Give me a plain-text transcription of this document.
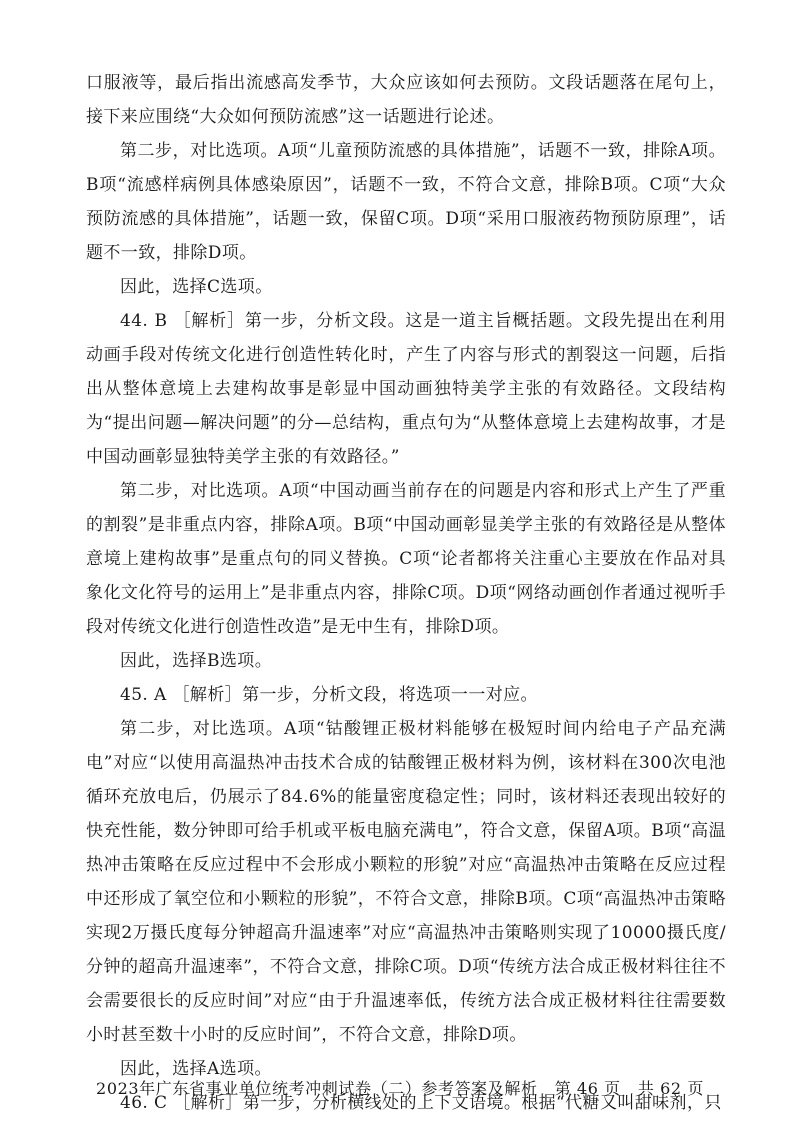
口服液等，最后指出流感高发季节，大众应该如何去预防。文段话题落在尾句上，接下来应围绕“大众如何预防流感”这一话题进行论述。

第二步，对比选项。A项“儿童预防流感的具体措施”，话题不一致，排除A项。B项“流感样病例具体感染原因”，话题不一致，不符合文意，排除B项。C项“大众预防流感的具体措施”，话题一致，保留C项。D项“采用口服液药物预防原理”，话题不一致，排除D项。

因此，选择C选项。

44. B ［解析］第一步，分析文段。这是一道主旨概括题。文段先提出在利用动画手段对传统文化进行创造性转化时，产生了内容与形式的割裂这一问题，后指出从整体意境上去建构故事是彰显中国动画独特美学主张的有效路径。文段结构为“提出问题—解决问题”的分—总结构，重点句为“从整体意境上去建构故事，才是中国动画彰显独特美学主张的有效路径。”

第二步，对比选项。A项“中国动画当前存在的问题是内容和形式上产生了严重的割裂”是非重点内容，排除A项。B项“中国动画彰显美学主张的有效路径是从整体意境上建构故事”是重点句的同义替换。C项“论者都将关注重心主要放在作品对具象化文化符号的运用上”是非重点内容，排除C项。D项“网络动画创作者通过视听手段对传统文化进行创造性改造”是无中生有，排除D项。

因此，选择B选项。

45. A ［解析］第一步，分析文段，将选项一一对应。

第二步，对比选项。A项“钴酸锂正极材料能够在极短时间内给电子产品充满电”对应“以使用高温热冲击技术合成的钴酸锂正极材料为例，该材料在300次电池循环充放电后，仍展示了84.6%的能量密度稳定性；同时，该材料还表现出较好的快充性能，数分钟即可给手机或平板电脑充满电”，符合文意，保留A项。B项“高温热冲击策略在反应过程中不会形成小颗粒的形貌”对应“高温热冲击策略在反应过程中还形成了氧空位和小颗粒的形貌”，不符合文意，排除B项。C项“高温热冲击策略实现2万摄氏度每分钟超高升温速率”对应“高温热冲击策略则实现了10000摄氏度/分钟的超高升温速率”，不符合文意，排除C项。D项“传统方法合成正极材料往往不会需要很长的反应时间”对应“由于升温速率低，传统方法合成正极材料往往需要数小时甚至数十小时的反应时间”，不符合文意，排除D项。

因此，选择A选项。

46. C ［解析］第一步，分析横线处的上下文语境。根据“代糖又叫甜味剂，只

2023年广东省事业单位统考冲刺试卷（二）参考答案及解析   第 46 页   共 62 页
